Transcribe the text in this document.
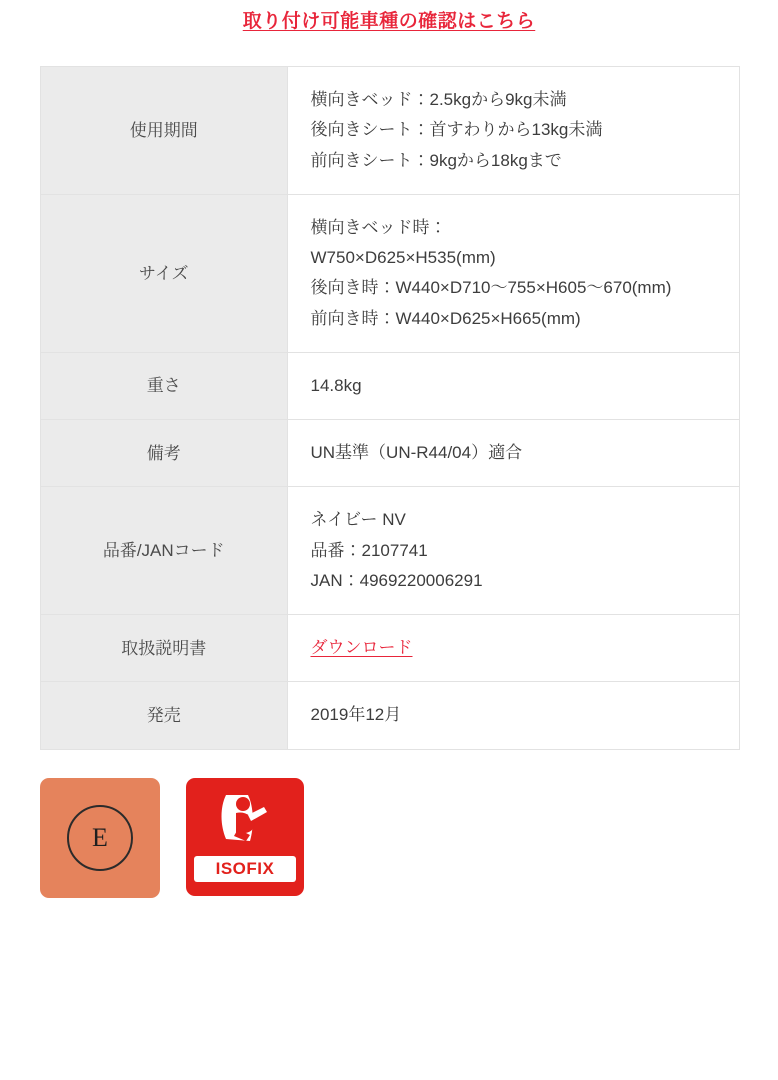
取り付け可能車種の確認はこちら
使用期間	横向きベッド：2.5kgから9kg未満
後向きシート：首すわりから13kg未満
前向きシート：9kgから18kgまで

サイズ	横向きベッド時：
W750×D625×H535(mm)
後向き時：W440×D710〜755×H605〜670(mm)
前向き時：W440×D625×H665(mm)

重さ	14.8kg

備考	UN基準（UN-R44/04）適合

品番/JANコード	ネイビー NV
品番：2107741
JAN：4969220006291

取扱説明書	ダウンロード
発売	2019年12月
E
ISOFIX
